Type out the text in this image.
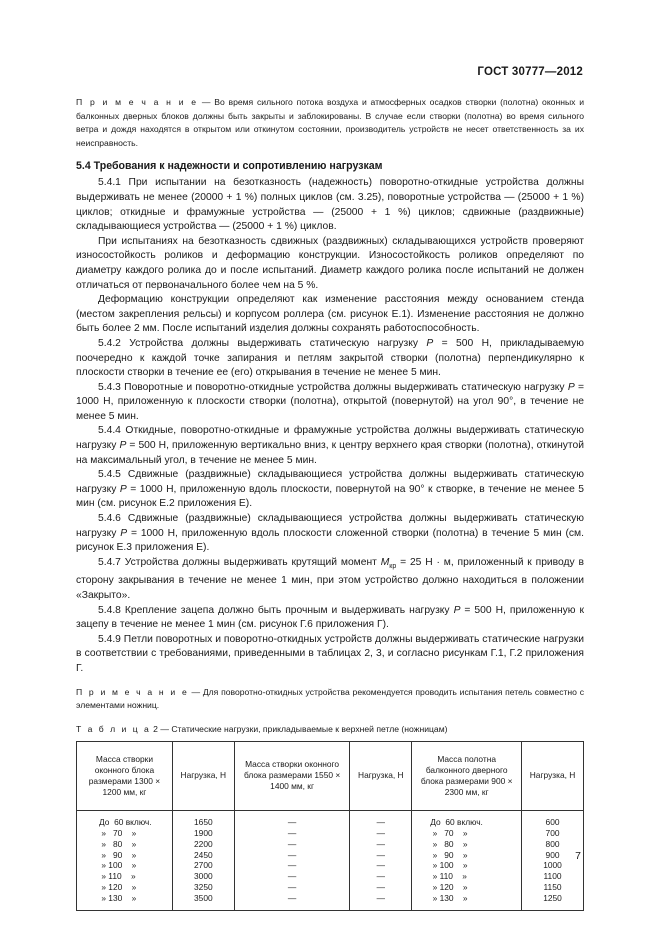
ГОСТ 30777—2012

П р и м е ч а н и е — Во время сильного потока воздуха и атмосферных осадков створки (полотна) оконных и балконных дверных блоков должны быть закрыты и заблокированы. В случае если створки (полотна) во время сильного ветра и дождя находятся в открытом или откинутом состоянии, производитель устройств не несет ответственность за их неисправность.

5.4 Требования к надежности и сопротивлению нагрузкам

5.4.1 При испытании на безотказность (надежность) поворотно-откидные устройства должны выдерживать не менее (20000 + 1 %) полных циклов (см. 3.25), поворотные устройства — (25000 + 1 %) циклов; откидные и фрамужные устройства — (25000 + 1 %) циклов; сдвижные (раздвижные) складывающиеся устройства — (25000 + 1 %) циклов.

При испытаниях на безотказность сдвижных (раздвижных) складывающихся устройств проверяют износостойкость роликов и деформацию конструкции. Износостойкость роликов определяют по диаметру каждого ролика до и после испытаний. Диаметр каждого ролика после испытаний не должен отличаться от первоначального более чем на 5 %.

Деформацию конструкции определяют как изменение расстояния между основанием стенда (местом закрепления рельсы) и корпусом роллера (см. рисунок Е.1). Изменение расстояния не должно быть более 2 мм. После испытаний изделия должны сохранять работоспособность.

5.4.2 Устройства должны выдерживать статическую нагрузку P = 500 Н, прикладываемую поочередно к каждой точке запирания и петлям закрытой створки (полотна) перпендикулярно к плоскости створки в течение ее (его) открывания в течение не менее 5 мин.

5.4.3 Поворотные и поворотно-откидные устройства должны выдерживать статическую нагрузку P = 1000 Н, приложенную к плоскости створки (полотна), открытой (повернутой) на угол 90°, в течение не менее 5 мин.

5.4.4 Откидные, поворотно-откидные и фрамужные устройства должны выдерживать статическую нагрузку P = 500 Н, приложенную вертикально вниз, к центру верхнего края створки (полотна), откинутой на максимальный угол, в течение не менее 5 мин.

5.4.5 Сдвижные (раздвижные) складывающиеся устройства должны выдерживать статическую нагрузку P = 1000 Н, приложенную вдоль плоскости, повернутой на 90° к створке, в течение не менее 5 мин (см. рисунок Е.2 приложения Е).

5.4.6 Сдвижные (раздвижные) складывающиеся устройства должны выдерживать статическую нагрузку P = 1000 Н, приложенную вдоль плоскости сложенной створки (полотна) в течение 5 мин (см. рисунок Е.3 приложения Е).

5.4.7 Устройства должны выдерживать крутящий момент $M_{кр} = 25$ Н · м, приложенный к приводу в сторону закрывания в течение не менее 1 мин, при этом устройство должно находиться в положении «Закрыто».

5.4.8 Крепление зацепа должно быть прочным и выдерживать нагрузку P = 500 Н, приложенную к зацепу в течение не менее 1 мин (см. рисунок Г.6 приложения Г).

5.4.9 Петли поворотных и поворотно-откидных устройств должны выдерживать статические нагрузки в соответствии с требованиями, приведенными в таблицах 2, 3, и согласно рисункам Г.1, Г.2 приложения Г.

П р и м е ч а н и е — Для поворотно-откидных устройства рекомендуется проводить испытания петель совместно с элементами ножниц.

Т а б л и ц а 2 — Статические нагрузки, прикладываемые к верхней петле (ножницам)

Масса створки оконного блока размерами 1300 × 1200 мм, кг	Нагрузка, Н	Масса створки оконного блока размерами 1550 × 1400 мм, кг	Нагрузка, Н	Масса полотна балконного дверного блока размерами 900 × 2300 мм, кг	Нагрузка, Н
До  60 включ.	1650	—	—	До  60 включ.	600
»   70    »	1900	—	—	»   70    »	700
»   80    »	2200	—	—	»   80    »	800
»   90    »	2450	—	—	»   90    »	900
» 100    »	2700	—	—	» 100    »	1000
» 110    »	3000	—	—	» 110    »	1100
» 120    »	3250	—	—	» 120    »	1150
» 130    »	3500	—	—	» 130    »	1250
7
